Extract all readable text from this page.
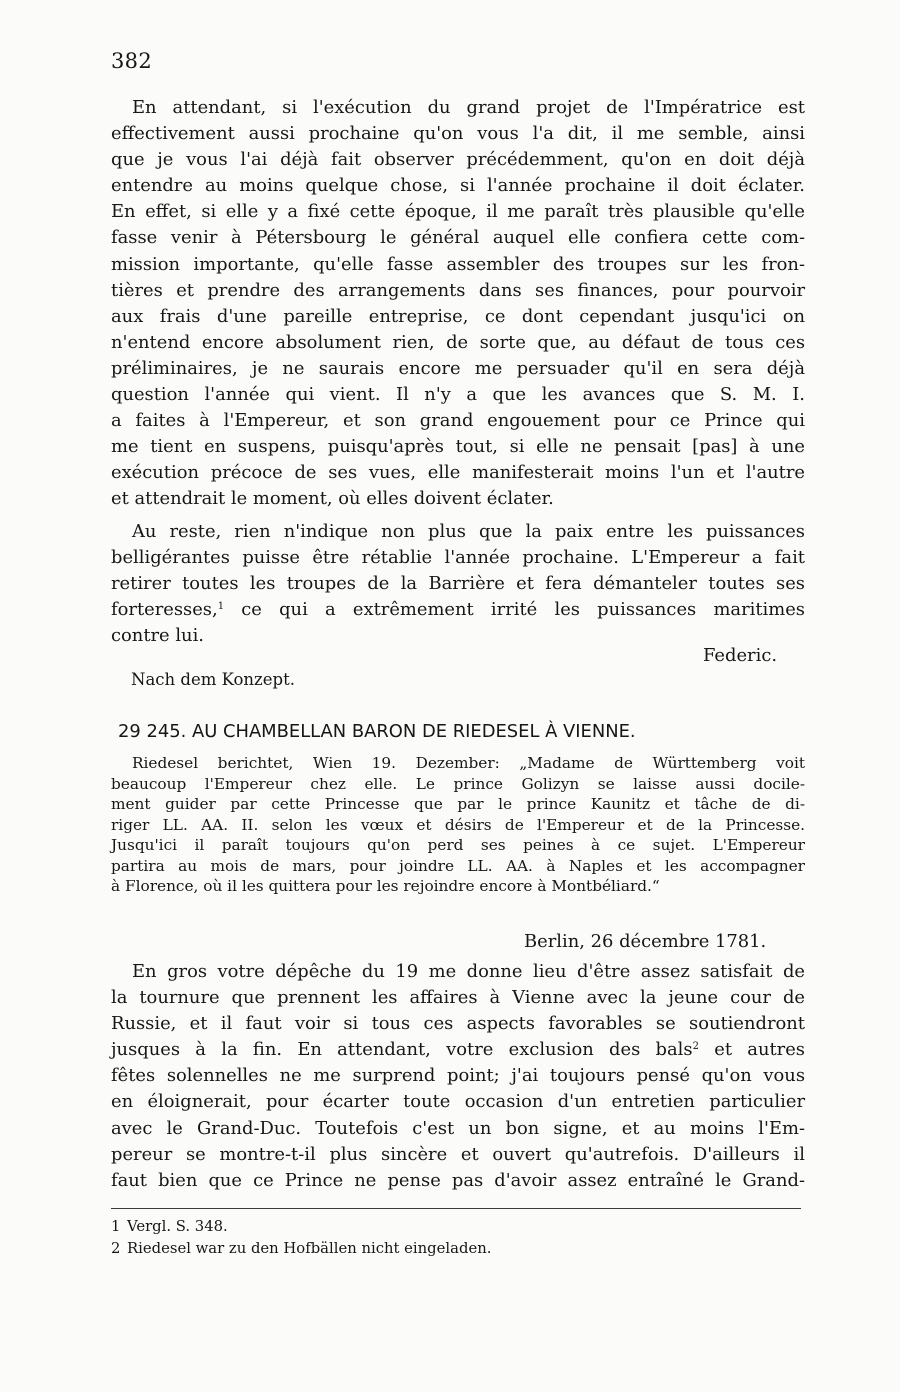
382
En attendant, si l'exécution du grand projet de l'Impératrice est
effectivement aussi prochaine qu'on vous l'a dit, il me semble, ainsi
que je vous l'ai déjà fait observer précédemment, qu'on en doit déjà
entendre au moins quelque chose, si l'année prochaine il doit éclater.
En effet, si elle y a fixé cette époque, il me paraît très plausible qu'elle
fasse venir à Pétersbourg le général auquel elle confiera cette com-
mission importante, qu'elle fasse assembler des troupes sur les fron-
tières et prendre des arrangements dans ses finances, pour pourvoir
aux frais d'une pareille entreprise, ce dont cependant jusqu'ici on
n'entend encore absolument rien, de sorte que, au défaut de tous ces
préliminaires, je ne saurais encore me persuader qu'il en sera déjà
question l'année qui vient. Il n'y a que les avances que S. M. I.
a faites à l'Empereur, et son grand engouement pour ce Prince qui
me tient en suspens, puisqu'après tout, si elle ne pensait [pas] à une
exécution précoce de ses vues, elle manifesterait moins l'un et l'autre
et attendrait le moment, où elles doivent éclater.
Au reste, rien n'indique non plus que la paix entre les puissances
belligérantes puisse être rétablie l'année prochaine. L'Empereur a fait
retirer toutes les troupes de la Barrière et fera démanteler toutes ses
forteresses,$^1$ ce qui a extrêmement irrité les puissances maritimes
contre lui.
Federic.
Nach dem Konzept.
29 245. AU CHAMBELLAN BARON DE RIEDESEL À VIENNE.
Riedesel berichtet, Wien 19. Dezember: „Madame de Württemberg voit
beaucoup l'Empereur chez elle. Le prince Golizyn se laisse aussi docile-
ment guider par cette Princesse que par le prince Kaunitz et tâche de di-
riger LL. AA. II. selon les vœux et désirs de l'Empereur et de la Princesse.
Jusqu'ici il paraît toujours qu'on perd ses peines à ce sujet. L'Empereur
partira au mois de mars, pour joindre LL. AA. à Naples et les accompagner
à Florence, où il les quittera pour les rejoindre encore à Montbéliard.“
Berlin, 26 décembre 1781.
En gros votre dépêche du 19 me donne lieu d'être assez satisfait de
la tournure que prennent les affaires à Vienne avec la jeune cour de
Russie, et il faut voir si tous ces aspects favorables se soutiendront
jusques à la fin. En attendant, votre exclusion des bals$^2$ et autres
fêtes solennelles ne me surprend point; j'ai toujours pensé qu'on vous
en éloignerait, pour écarter toute occasion d'un entretien particulier
avec le Grand-Duc. Toutefois c'est un bon signe, et au moins l'Em-
pereur se montre-t-il plus sincère et ouvert qu'autrefois. D'ailleurs il
faut bien que ce Prince ne pense pas d'avoir assez entraîné le Grand-
1 Vergl. S. 348.
2 Riedesel war zu den Hofbällen nicht eingeladen.
